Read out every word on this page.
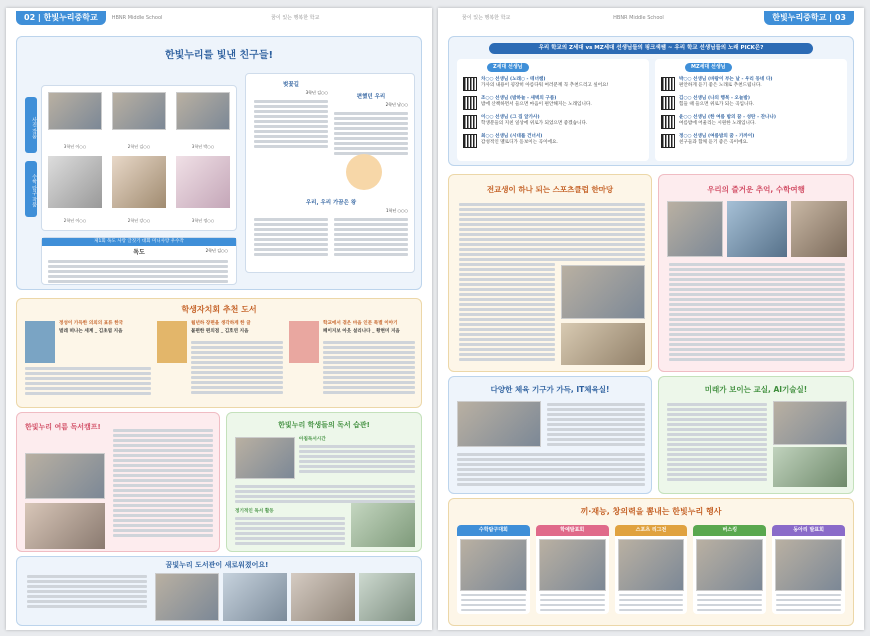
02 | 한빛누리중학교	HBNR Middle School	꿈이 있는 행복한 학교
한빛누리를 빛낸 친구들!
사진 작품
수학 탐구 작품
3학년 이○○	2학년 김○○	3학년 박○○
2학년 이○○	2학년 강○○	3학년 정○○
벚꽃길
3학년 김○○
편했던 우리
2학년 남○○
우리, 우리 가끔은 왕
1학년 ○○○
제1회 독도 사랑 글짓기 대회 미니사랑 우수작
독도	2학년 김○○
학생자치회 추천 도서
정성이 가득한 의외의 표류 한국
벌레 떠나는 세계 _ 김초엽 지음
월년하 장편을 생각하게 한 글
불편한 편의점 _ 김호연 지음
학교에서 겪은 마음 인문 특별 이야기
페이지보 아웃 설리나다 _ 황현미 지음
한빛누리 여름 독서캠프!	한빛누리 학생들의 독서 습관!
아침독서시간
정기적인 독서 활동
꿈빛누리 도서관이 새로워졌어요!
꿈이 있는 행복한 학교	HBNR Middle School	한빛누리중학교 | 03
우리 학교의 Z세대 vs MZ세대 선생님들의 핑크색쌤 ~ 우리 학교 선생님들의 노래 PICK은?
Z세대 선생님
차○○ 선생님 (노래○ - 테너쌤)
가사의 내용이 굉장히 아름다워 여러분께 꼭 추천드리고 싶어요!
조○○ 선생님 (밤하늘 - 새벽의 구름)
밤에 산책하면서 들으면 마음이 편안해지는 노래입니다.
이○○ 선생님 (그 집 앞가사)
학생분들의 지친 일상에 위로가 되었으면 좋겠습니다.
최○○ 선생님 (시대를 건너서)
감성적인 멜로디가 돋보이는 곡이에요.
MZ세대 선생님
박○○ 선생님 (바람이 부는 날 - 우리 동네 다)
편안하게 듣기 좋은 노래로 추천드립니다.
김○○ 선생님 (나의 행복 - 오늘밤)
힘들 때 들으면 위로가 되는 곡입니다.
윤○○ 선생님 (한 여름 밤의 꿈 - 성탄 - 잔나나)
여름밤에 어울리는 시원한 노래입니다.
정○○ 선생님 (여름밤의 꿈 - 가까이)
친구들과 함께 듣기 좋은 곡이에요.
전교생이 하나 되는 스포츠클럽 한마당	우리의 즐거운 추억, 수학여행
다양한 체육 기구가 가득, IT체육실!	미래가 보이는 교실, AI기술실!
끼·재능, 창의력을 뽐내는 한빛누리 행사
수학탐구대회	학예발표회	스포츠 리그전	버스킹	동아리 발표회
